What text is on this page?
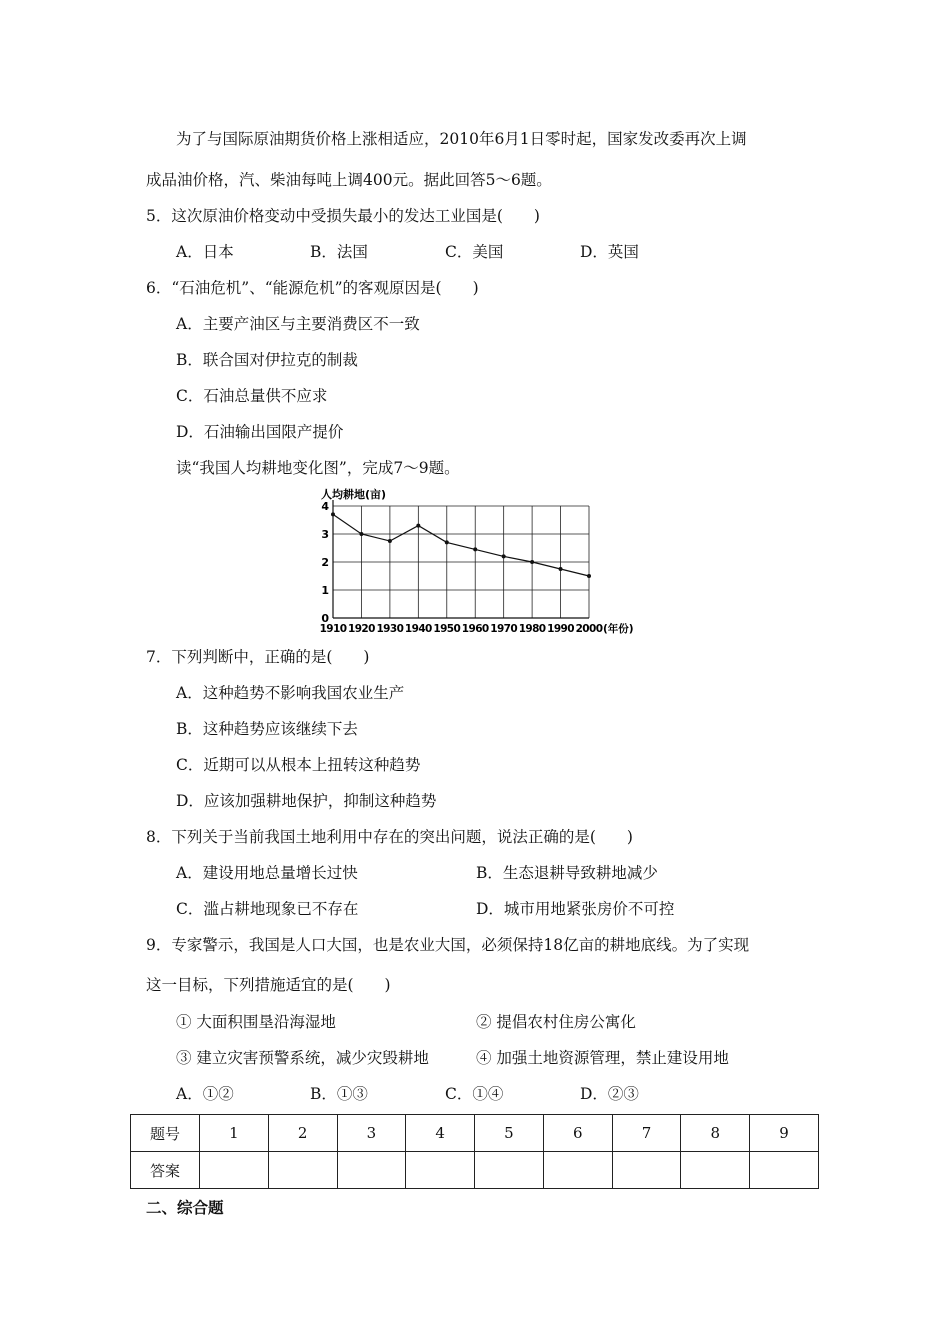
为了与国际原油期货价格上涨相适应，2010年6月1日零时起，国家发改委再次上调
成品油价格，汽、柴油每吨上调400元。据此回答5～6题。
5．这次原油价格变动中受损失最小的发达工业国是(　　)
A．日本	B．法国	C．美国	D．英国
6．“石油危机”、“能源危机”的客观原因是(　　)
A．主要产油区与主要消费区不一致
B．联合国对伊拉克的制裁
C．石油总量供不应求
D．石油输出国限产提价
读“我国人均耕地变化图”，完成7～9题。
0
1
2
3
4
1910 1920 1930 1940 1950 1960 1970 1980 1990 2000 (年份)
人均耕地(亩)
7．下列判断中，正确的是(　　)
A．这种趋势不影响我国农业生产
B．这种趋势应该继续下去
C．近期可以从根本上扭转这种趋势
D．应该加强耕地保护，抑制这种趋势
8．下列关于当前我国土地利用中存在的突出问题，说法正确的是(　　)
A．建设用地总量增长过快	B．生态退耕导致耕地减少
C．滥占耕地现象已不存在	D．城市用地紧张房价不可控
9．专家警示，我国是人口大国，也是农业大国，必须保持18亿亩的耕地底线。为了实现
这一目标，下列措施适宜的是(　　)
① 大面积围垦沿海湿地	② 提倡农村住房公寓化
③ 建立灾害预警系统，减少灾毁耕地	④ 加强土地资源管理，禁止建设用地
A．①②	B．①③	C．①④	D．②③
题号	1	2	3	4	5	6	7	8	9
答案									
二、综合题
